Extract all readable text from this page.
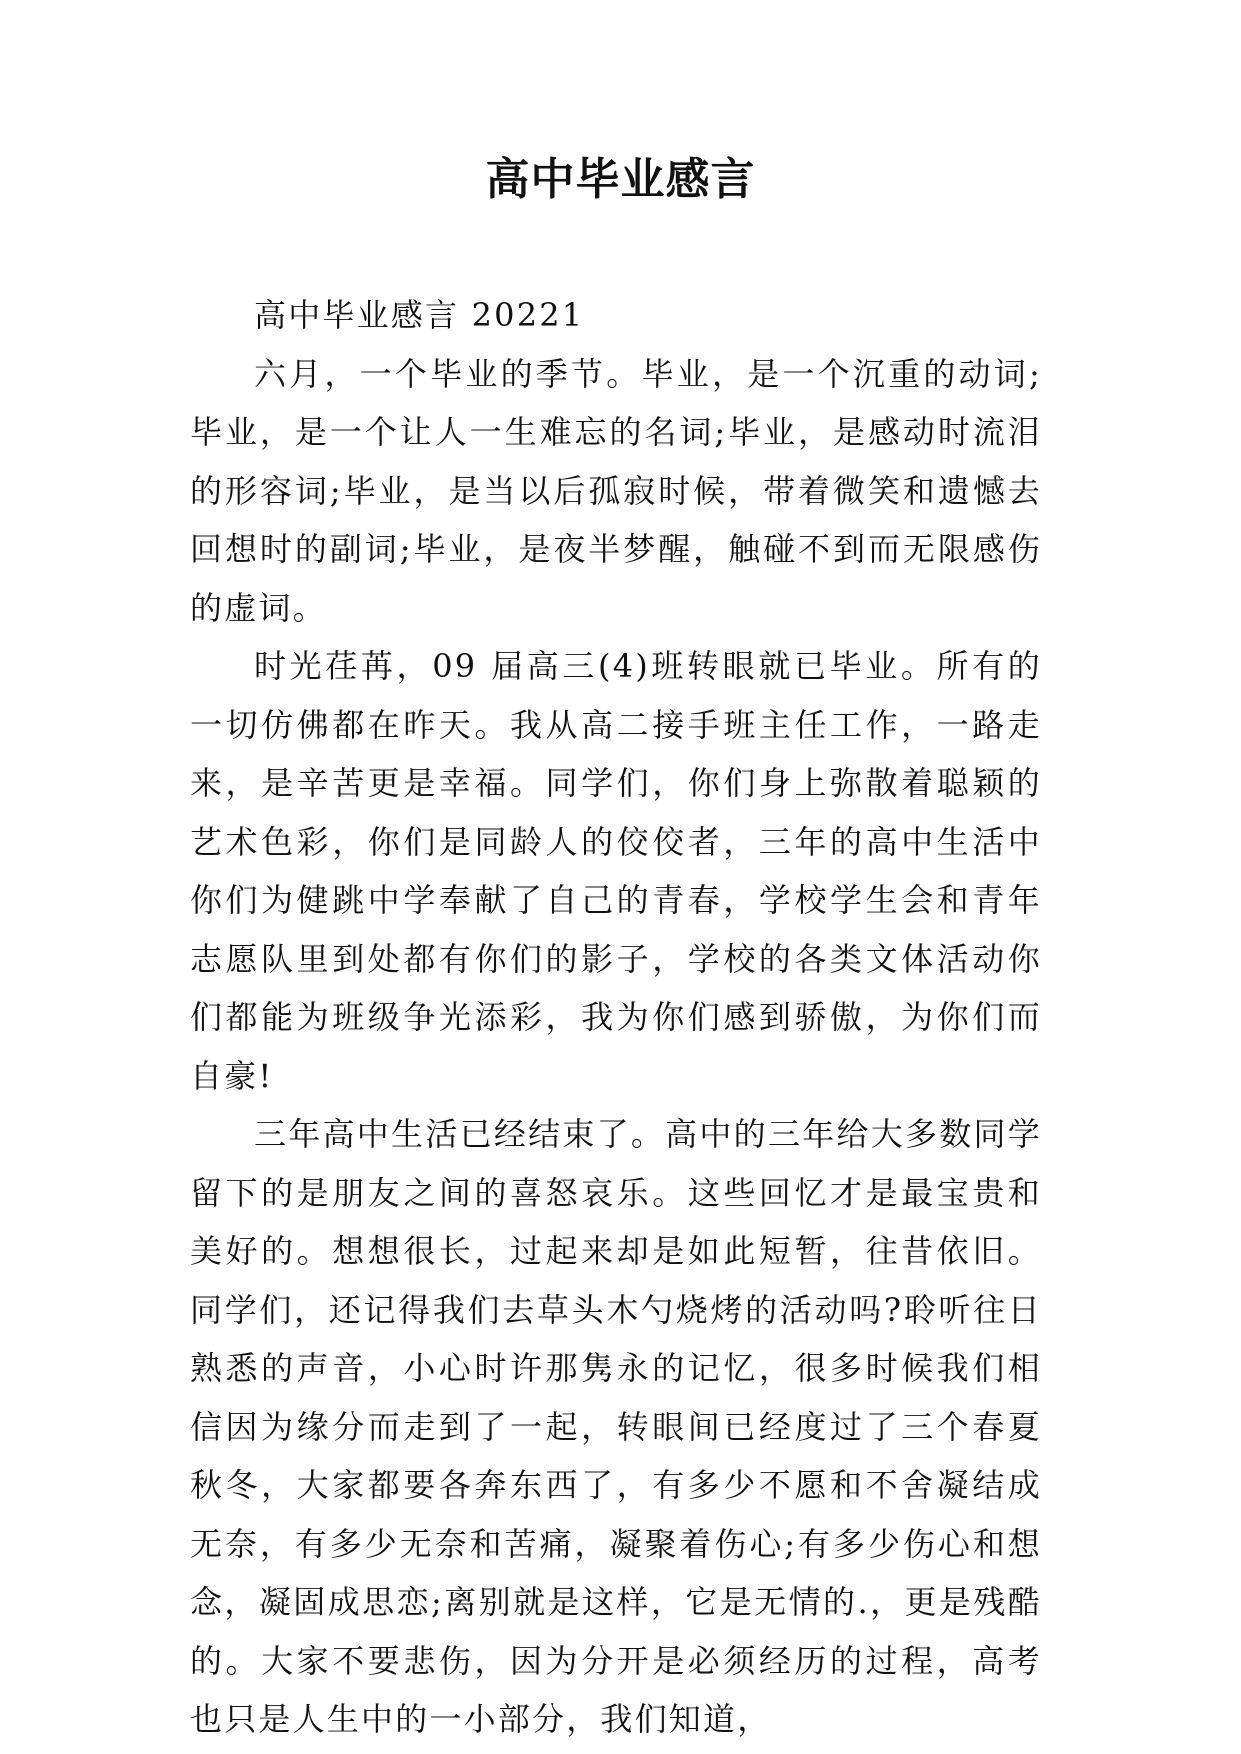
高中毕业感言

高中毕业感言 20221

六月，一个毕业的季节。毕业，是一个沉重的动词;毕业，是一个让人一生难忘的名词;毕业，是感动时流泪的形容词;毕业，是当以后孤寂时候，带着微笑和遗憾去回想时的副词;毕业，是夜半梦醒，触碰不到而无限感伤的虚词。

时光荏苒，09 届高三(4)班转眼就已毕业。所有的一切仿佛都在昨天。我从高二接手班主任工作，一路走来，是辛苦更是幸福。同学们，你们身上弥散着聪颖的艺术色彩，你们是同龄人的佼佼者，三年的高中生活中你们为健跳中学奉献了自己的青春，学校学生会和青年志愿队里到处都有你们的影子，学校的各类文体活动你们都能为班级争光添彩，我为你们感到骄傲，为你们而自豪!

三年高中生活已经结束了。高中的三年给大多数同学留下的是朋友之间的喜怒哀乐。这些回忆才是最宝贵和美好的。想想很长，过起来却是如此短暂，往昔依旧。同学们，还记得我们去草头木勺烧烤的活动吗?聆听往日熟悉的声音，小心时许那隽永的记忆，很多时候我们相信因为缘分而走到了一起，转眼间已经度过了三个春夏秋冬，大家都要各奔东西了，有多少不愿和不舍凝结成无奈，有多少无奈和苦痛，凝聚着伤心;有多少伤心和想念，凝固成思恋;离别就是这样，它是无情的.，更是残酷的。大家不要悲伤，因为分开是必须经历的过程，高考也只是人生中的一小部分，我们知道，
